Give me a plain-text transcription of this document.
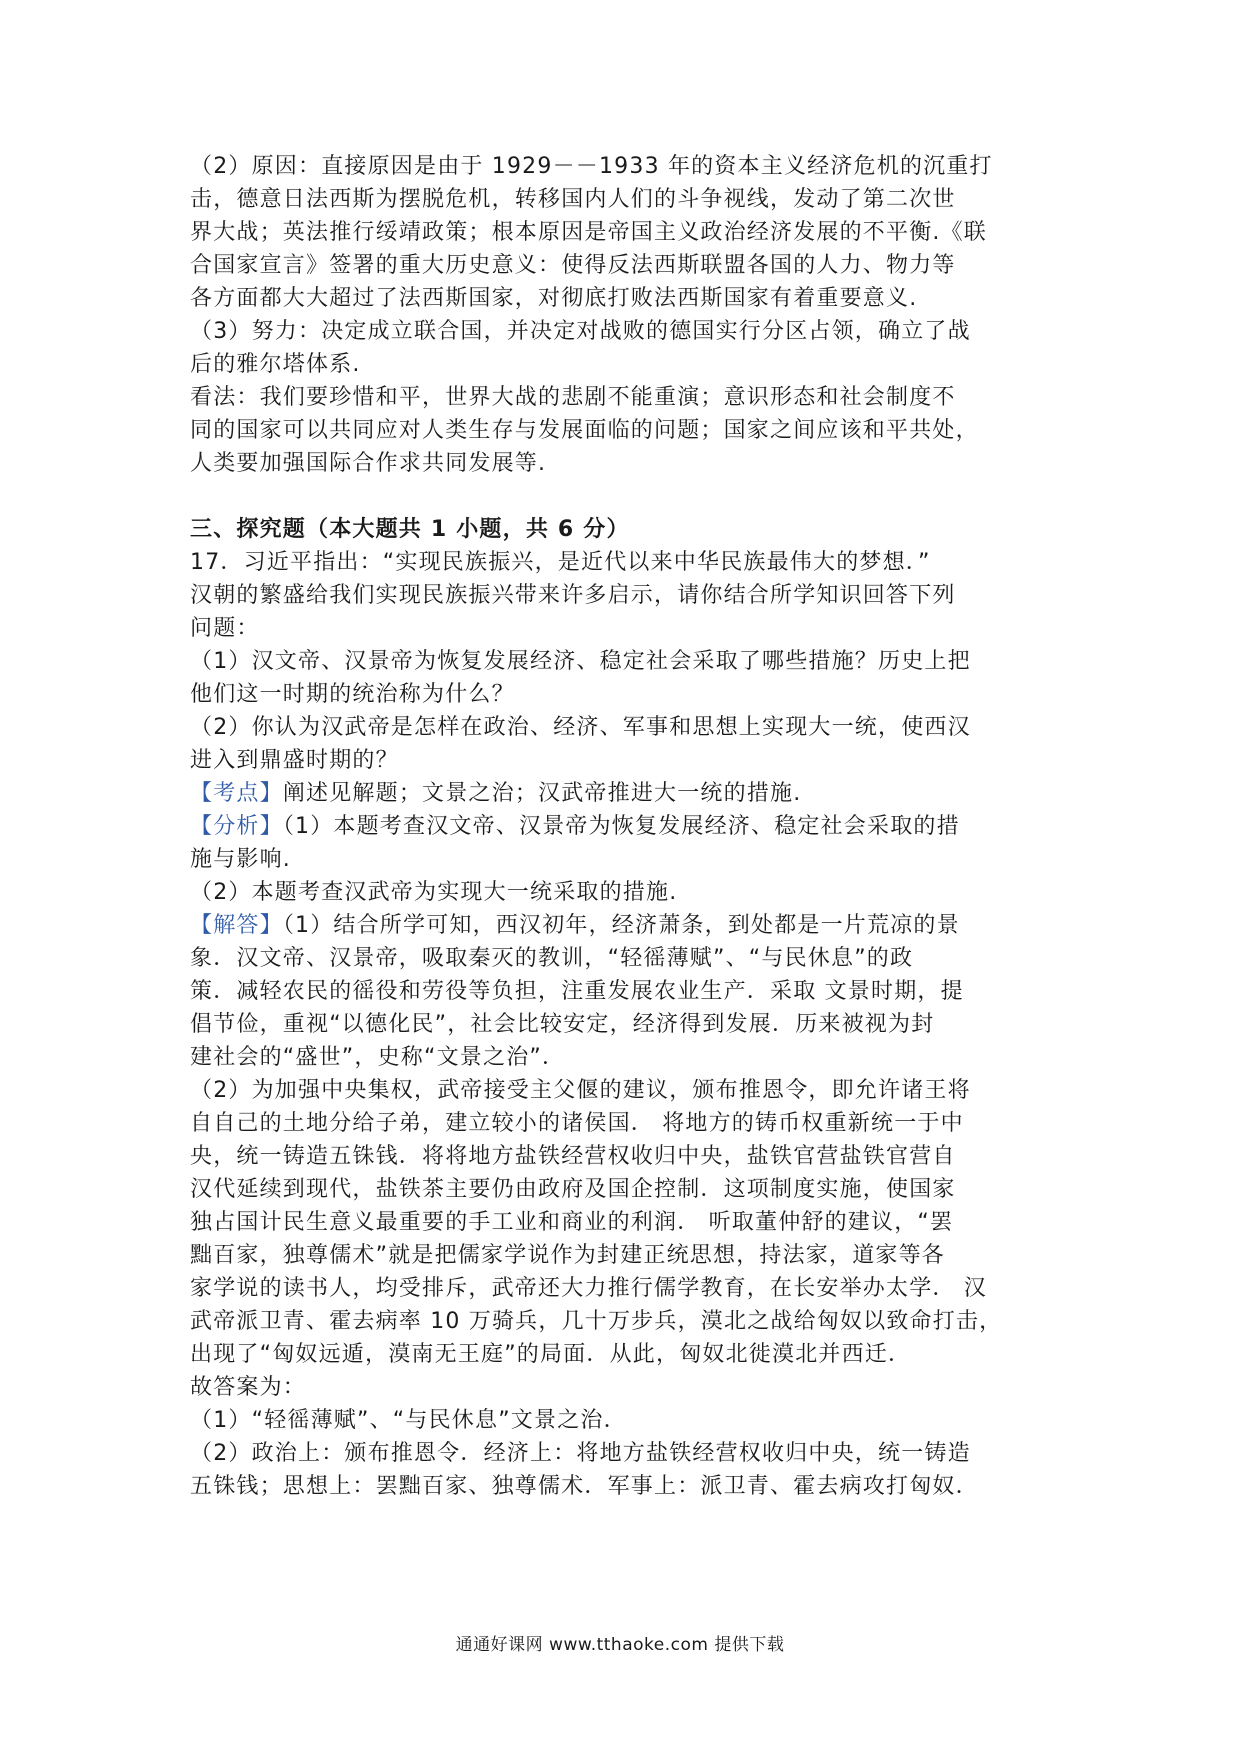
（2）原因：直接原因是由于 1929－－1933 年的资本主义经济危机的沉重打
击，德意日法西斯为摆脱危机，转移国内人们的斗争视线，发动了第二次世
界大战；英法推行绥靖政策；根本原因是帝国主义政治经济发展的不平衡.《联
合国家宣言》签署的重大历史意义：使得反法西斯联盟各国的人力、物力等
各方面都大大超过了法西斯国家，对彻底打败法西斯国家有着重要意义.
（3）努力：决定成立联合国，并决定对战败的德国实行分区占领，确立了战
后的雅尔塔体系.
看法：我们要珍惜和平，世界大战的悲剧不能重演；意识形态和社会制度不
同的国家可以共同应对人类生存与发展面临的问题；国家之间应该和平共处，
人类要加强国际合作求共同发展等.
三、探究题（本大题共 1 小题，共 6 分）
17．习近平指出：“实现民族振兴，是近代以来中华民族最伟大的梦想．”
汉朝的繁盛给我们实现民族振兴带来许多启示，请你结合所学知识回答下列
问题：
（1）汉文帝、汉景帝为恢复发展经济、稳定社会采取了哪些措施？历史上把
他们这一时期的统治称为什么？
（2）你认为汉武帝是怎样在政治、经济、军事和思想上实现大一统，使西汉
进入到鼎盛时期的？
【考点】阐述见解题；文景之治；汉武帝推进大一统的措施.
【分析】（1）本题考查汉文帝、汉景帝为恢复发展经济、稳定社会采取的措
施与影响.
（2）本题考查汉武帝为实现大一统采取的措施.
【解答】（1）结合所学可知，西汉初年，经济萧条，到处都是一片荒凉的景
象．汉文帝、汉景帝，吸取秦灭的教训，“轻徭薄赋”、“与民休息”的政
策．减轻农民的徭役和劳役等负担，注重发展农业生产．采取 文景时期，提
倡节俭，重视“以德化民”，社会比较安定，经济得到发展．历来被视为封
建社会的“盛世”，史称“文景之治”．
（2）为加强中央集权，武帝接受主父偃的建议，颁布推恩令，即允许诸王将
自自己的土地分给子弟，建立较小的诸侯国． 将地方的铸币权重新统一于中
央，统一铸造五铢钱．将将地方盐铁经营权收归中央，盐铁官营盐铁官营自
汉代延续到现代，盐铁茶主要仍由政府及国企控制．这项制度实施，使国家
独占国计民生意义最重要的手工业和商业的利润． 听取董仲舒的建议，“罢
黜百家，独尊儒术”就是把儒家学说作为封建正统思想，持法家，道家等各
家学说的读书人，均受排斥，武帝还大力推行儒学教育，在长安举办太学． 汉
武帝派卫青、霍去病率 10 万骑兵，几十万步兵，漠北之战给匈奴以致命打击，
出现了“匈奴远遁，漠南无王庭”的局面．从此，匈奴北徙漠北并西迁．
故答案为：
（1）“轻徭薄赋”、“与民休息”文景之治．
（2）政治上：颁布推恩令．经济上：将地方盐铁经营权收归中央，统一铸造
五铢钱；思想上：罢黜百家、独尊儒术．军事上：派卫青、霍去病攻打匈奴．
通通好课网 www.tthaoke.com 提供下载
